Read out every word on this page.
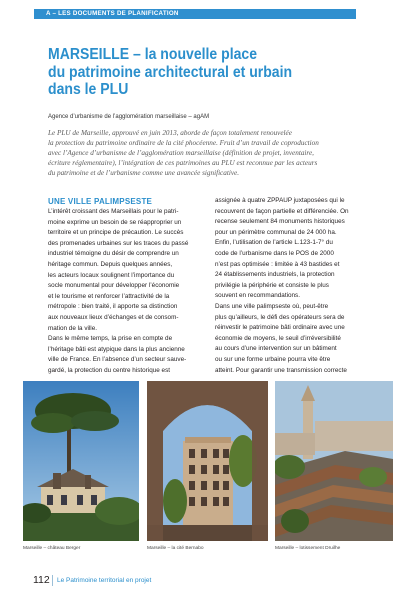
A – LES DOCUMENTS DE PLANIFICATION
MARSEILLE – la nouvelle place
du patrimoine architectural et urbain
dans le PLU
Agence d’urbanisme de l’agglomération marseillaise – agAM
Le PLU de Marseille, approuvé en juin 2013, aborde de façon totalement renouvelée
la protection du patrimoine ordinaire de la cité phocéenne. Fruit d’un travail de coproduction
avec l’Agence d’urbanisme de l’agglomération marseillaise (définition de projet, inventaire,
écriture réglementaire), l’intégration de ces patrimoines au PLU est reconnue par les acteurs
du patrimoine et de l’urbanisme comme une avancée significative.
UNE VILLE PALIMPSESTE
L’intérêt croissant des Marseillais pour le patri-
moine exprime un besoin de se réapproprier un
territoire et un principe de précaution. Le succès
des promenades urbaines sur les traces du passé
industriel témoigne du désir de comprendre un
héritage commun. Depuis quelques années,
les acteurs locaux soulignent l’importance du
socle monumental pour développer l’économie
et le tourisme et renforcer l’attractivité de la
métropole : bien traité, il apporte sa distinction
aux nouveaux lieux d’échanges et de consom-
mation de la ville.
Dans le même temps, la prise en compte de
l’héritage bâti est atypique dans la plus ancienne
ville de France. En l’absence d’un secteur sauve-
gardé, la protection du centre historique est
assignée à quatre ZPPAUP juxtaposées qui le
recouvrent de façon partielle et différenciée. On
recense seulement 84 monuments historiques
pour un périmètre communal de 24 000 ha.
Enfin, l’utilisation de l’article L.123-1-7° du
code de l’urbanisme dans le POS de 2000
n’est pas optimisée : limitée à 43 bastides et
24 établissements industriels, la protection
privilégie la périphérie et consiste le plus
souvent en recommandations.
Dans une ville palimpseste où, peut-être
plus qu’ailleurs, le défi des opérateurs sera de
réinvestir le patrimoine bâti ordinaire avec une
économie de moyens, le seuil d’irréversibilité
au cours d’une intervention sur un bâtiment
ou sur une forme urbaine pourra vite être
atteint. Pour garantir une transmission correcte
Marseille – château Berger	Marseille – la cité Bernabo	Marseille – lotissement Druilhe
112 Le Patrimoine territorial en projet
